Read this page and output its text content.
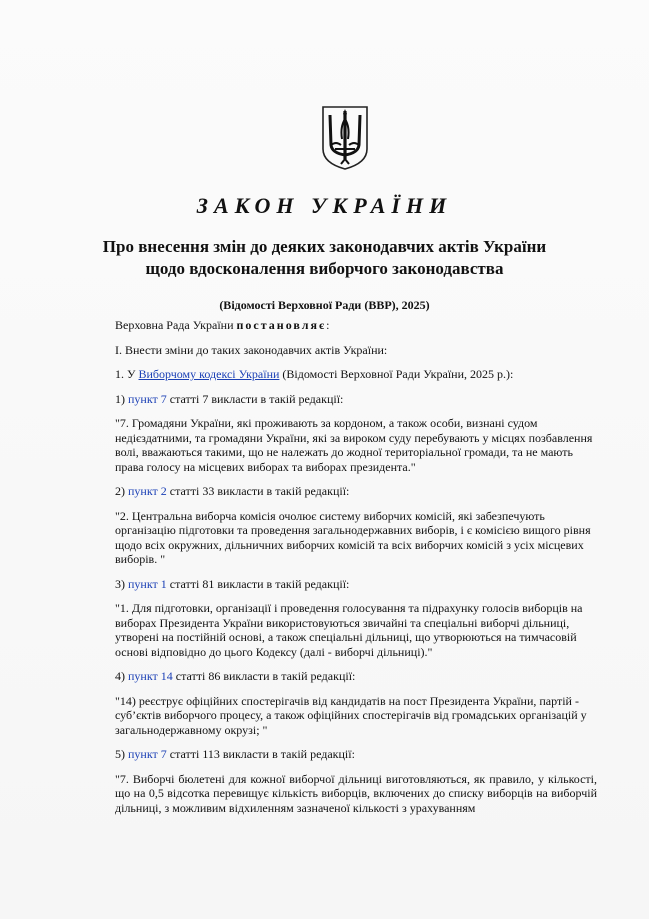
ЗАКОН УКРАЇНИ
Про внесення змін до деяких законодавчих актів України
щодо вдосконалення виборчого законодавства
(Відомості Верховної Ради (ВВР), 2025)

Верховна Рада України постановляє:

I. Внести зміни до таких законодавчих актів України:

1. У Виборчому кодексі України (Відомості Верховної Ради України, 2025 р.):

1) пункт 7 статті 7 викласти в такій редакції:

"7. Громадяни України, які проживають за кордоном, а також особи, визнані судом недієздатними, та громадяни України, які за вироком суду перебувають у місцях позбавлення волі, вважаються такими, що не належать до жодної територіальної громади, та не мають права голосу на місцевих виборах та виборах президента."

2) пункт 2 статті 33 викласти в такій редакції:

"2. Центральна виборча комісія очолює систему виборчих комісій, які забезпечують організацію підготовки та проведення загальнодержавних виборів, і є комісією вищого рівня щодо всіх окружних, дільничних виборчих комісій та всіх виборчих комісій з усіх місцевих виборів. "

3) пункт 1 статті 81 викласти в такій редакції:

"1. Для підготовки, організації і проведення голосування та підрахунку голосів виборців на виборах Президента України використовуються звичайні та спеціальні виборчі дільниці, утворені на постійній основі, а також спеціальні дільниці, що утворюються на тимчасовій основі відповідно до цього Кодексу (далі - виборчі дільниці)."

4) пункт 14 статті 86 викласти в такій редакції:

"14) реєструє офіційних спостерігачів від кандидатів на пост Президента України, партій - суб’єктів виборчого процесу, а також офіційних спостерігачів від громадських організацій у загальнодержавному окрузі; "

5) пункт 7 статті 113 викласти в такій редакції:

"7. Виборчі бюлетені для кожної виборчої дільниці виготовляються, як правило, у кількості, що на 0,5 відсотка перевищує кількість виборців, включених до списку виборців на виборчій дільниці, з можливим відхиленням зазначеної кількості з урахуванням
